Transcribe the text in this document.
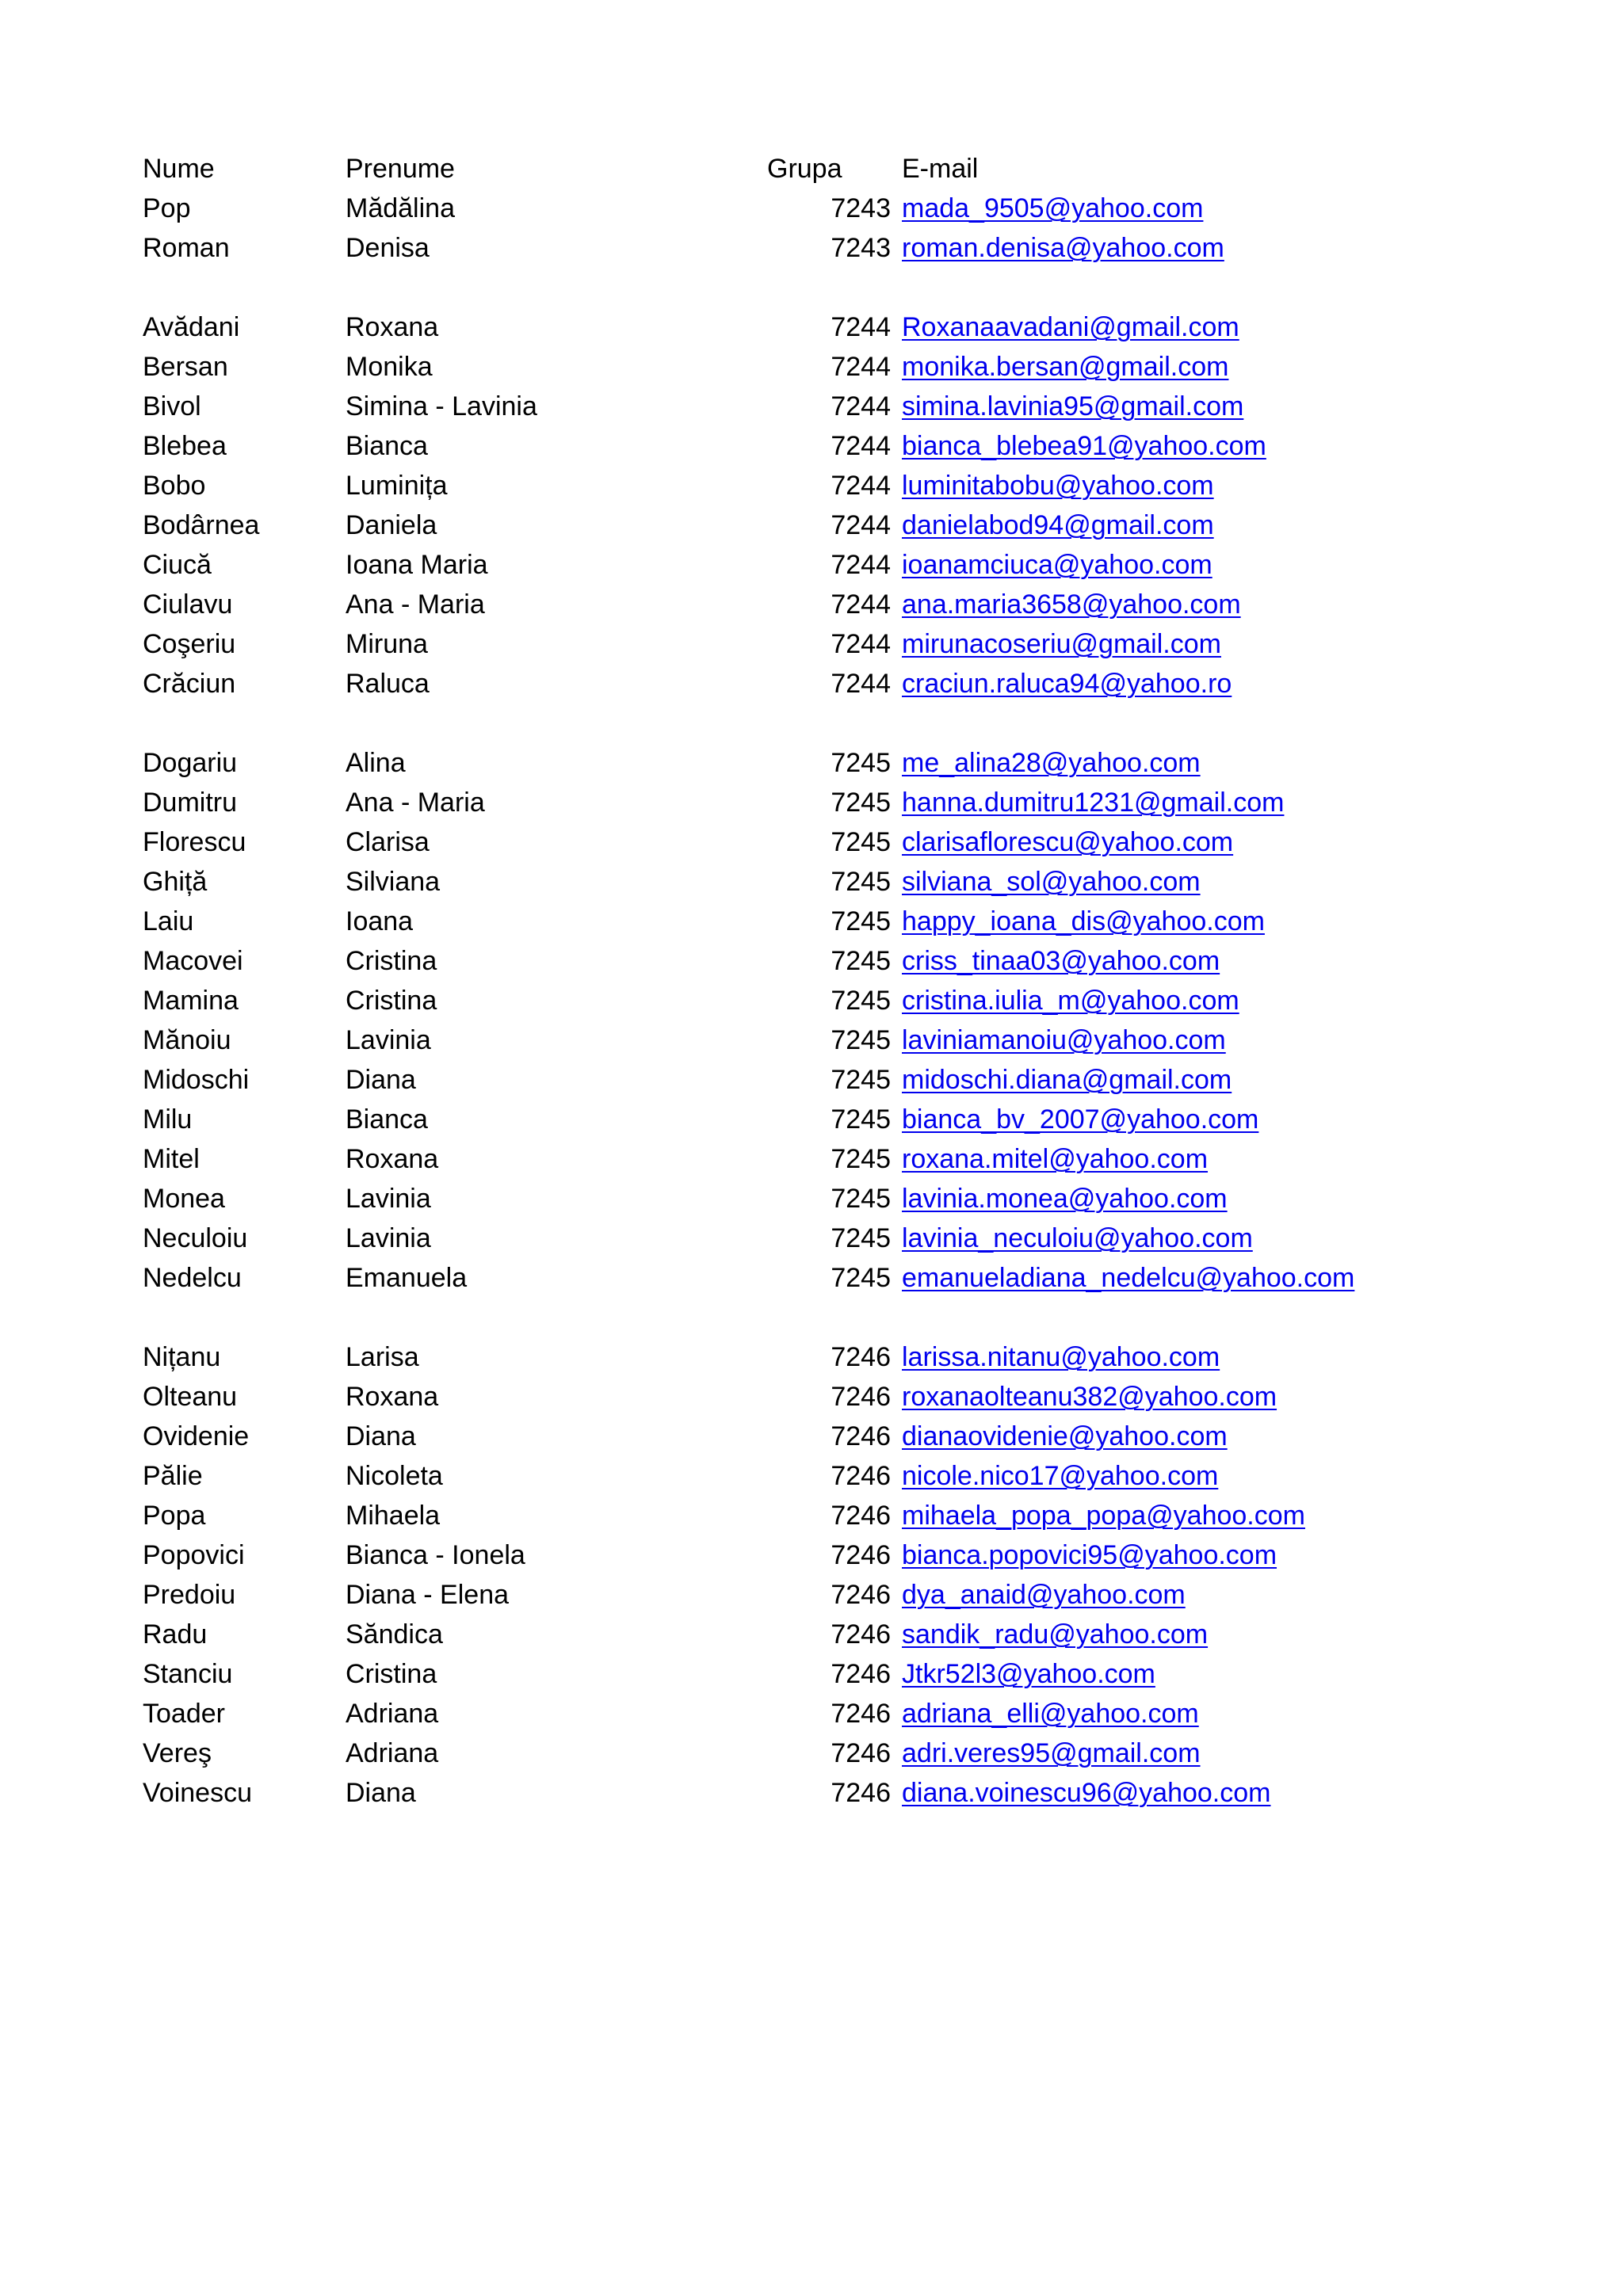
Nume	Prenume	Grupa	E-mail
Pop	Mădălina	7243	mada_9505@yahoo.com
Roman	Denisa	7243	roman.denisa@yahoo.com

Avădani	Roxana	7244	Roxanaavadani@gmail.com
Bersan	Monika	7244	monika.bersan@gmail.com
Bivol	Simina - Lavinia	7244	simina.lavinia95@gmail.com
Blebea	Bianca	7244	bianca_blebea91@yahoo.com
Bobo	Luminița	7244	luminitabobu@yahoo.com
Bodârnea	Daniela	7244	danielabod94@gmail.com
Ciucă	Ioana Maria	7244	ioanamciuca@yahoo.com
Ciulavu	Ana - Maria	7244	ana.maria3658@yahoo.com
Coşeriu	Miruna	7244	mirunacoseriu@gmail.com
Crăciun	Raluca	7244	craciun.raluca94@yahoo.ro

Dogariu	Alina	7245	me_alina28@yahoo.com
Dumitru	Ana - Maria	7245	hanna.dumitru1231@gmail.com
Florescu	Clarisa	7245	clarisaflorescu@yahoo.com
Ghiță	Silviana	7245	silviana_sol@yahoo.com
Laiu	Ioana	7245	happy_ioana_dis@yahoo.com
Macovei	Cristina	7245	criss_tinaa03@yahoo.com
Mamina	Cristina	7245	cristina.iulia_m@yahoo.com
Mănoiu	Lavinia	7245	laviniamanoiu@yahoo.com
Midoschi	Diana	7245	midoschi.diana@gmail.com
Milu	Bianca	7245	bianca_bv_2007@yahoo.com
Mitel	Roxana	7245	roxana.mitel@yahoo.com
Monea	Lavinia	7245	lavinia.monea@yahoo.com
Neculoiu	Lavinia	7245	lavinia_neculoiu@yahoo.com
Nedelcu	Emanuela	7245	emanueladiana_nedelcu@yahoo.com

Nițanu	Larisa	7246	larissa.nitanu@yahoo.com
Olteanu	Roxana	7246	roxanaolteanu382@yahoo.com
Ovidenie	Diana	7246	dianaovidenie@yahoo.com
Pălie	Nicoleta	7246	nicole.nico17@yahoo.com
Popa	Mihaela	7246	mihaela_popa_popa@yahoo.com
Popovici	Bianca - Ionela	7246	bianca.popovici95@yahoo.com
Predoiu	Diana - Elena	7246	dya_anaid@yahoo.com
Radu	Săndica	7246	sandik_radu@yahoo.com
Stanciu	Cristina	7246	Jtkr52l3@yahoo.com
Toader	Adriana	7246	adriana_elli@yahoo.com
Vereş	Adriana	7246	adri.veres95@gmail.com
Voinescu	Diana	7246	diana.voinescu96@yahoo.com
